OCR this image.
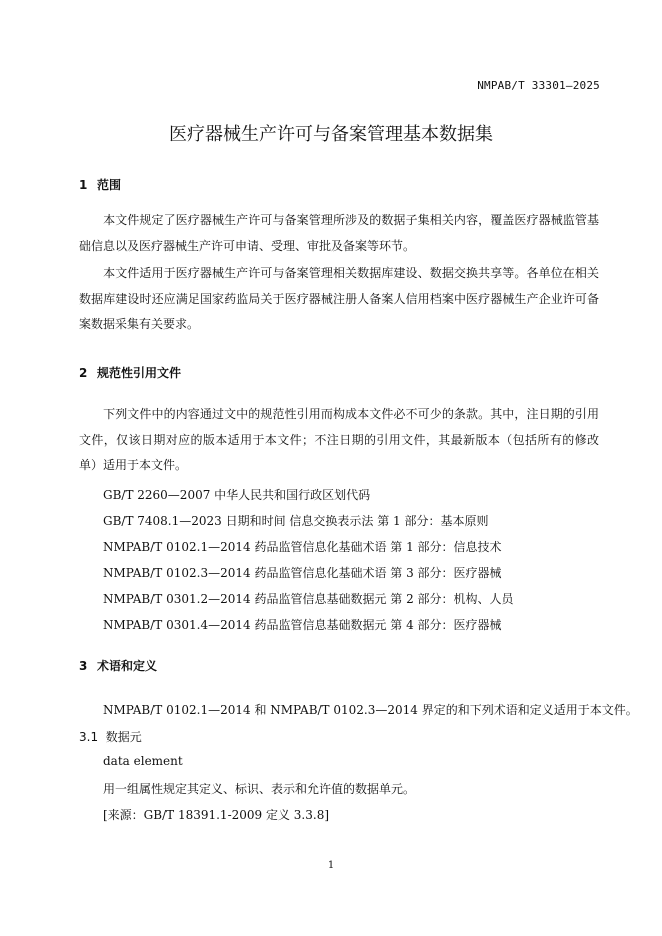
NMPAB/T 33301—2025
医疗器械生产许可与备案管理基本数据集
1 范围
本文件规定了医疗器械生产许可与备案管理所涉及的数据子集相关内容，覆盖医疗器械监管基础信息以及医疗器械生产许可申请、受理、审批及备案等环节。
本文件适用于医疗器械生产许可与备案管理相关数据库建设、数据交换共享等。各单位在相关数据库建设时还应满足国家药监局关于医疗器械注册人备案人信用档案中医疗器械生产企业许可备案数据采集有关要求。
2 规范性引用文件
下列文件中的内容通过文中的规范性引用而构成本文件必不可少的条款。其中，注日期的引用文件，仅该日期对应的版本适用于本文件；不注日期的引用文件，其最新版本（包括所有的修改单）适用于本文件。
GB/T 2260—2007 中华人民共和国行政区划代码
GB/T 7408.1—2023 日期和时间 信息交换表示法 第 1 部分：基本原则
NMPAB/T 0102.1—2014 药品监管信息化基础术语 第 1 部分：信息技术
NMPAB/T 0102.3—2014 药品监管信息化基础术语 第 3 部分：医疗器械
NMPAB/T 0301.2—2014 药品监管信息基础数据元 第 2 部分：机构、人员
NMPAB/T 0301.4—2014 药品监管信息基础数据元 第 4 部分：医疗器械
3 术语和定义
NMPAB/T 0102.1—2014 和 NMPAB/T 0102.3—2014 界定的和下列术语和定义适用于本文件。
3.1 数据元
data element
用一组属性规定其定义、标识、表示和允许值的数据单元。
[来源：GB/T 18391.1-2009 定义 3.3.8]
1
